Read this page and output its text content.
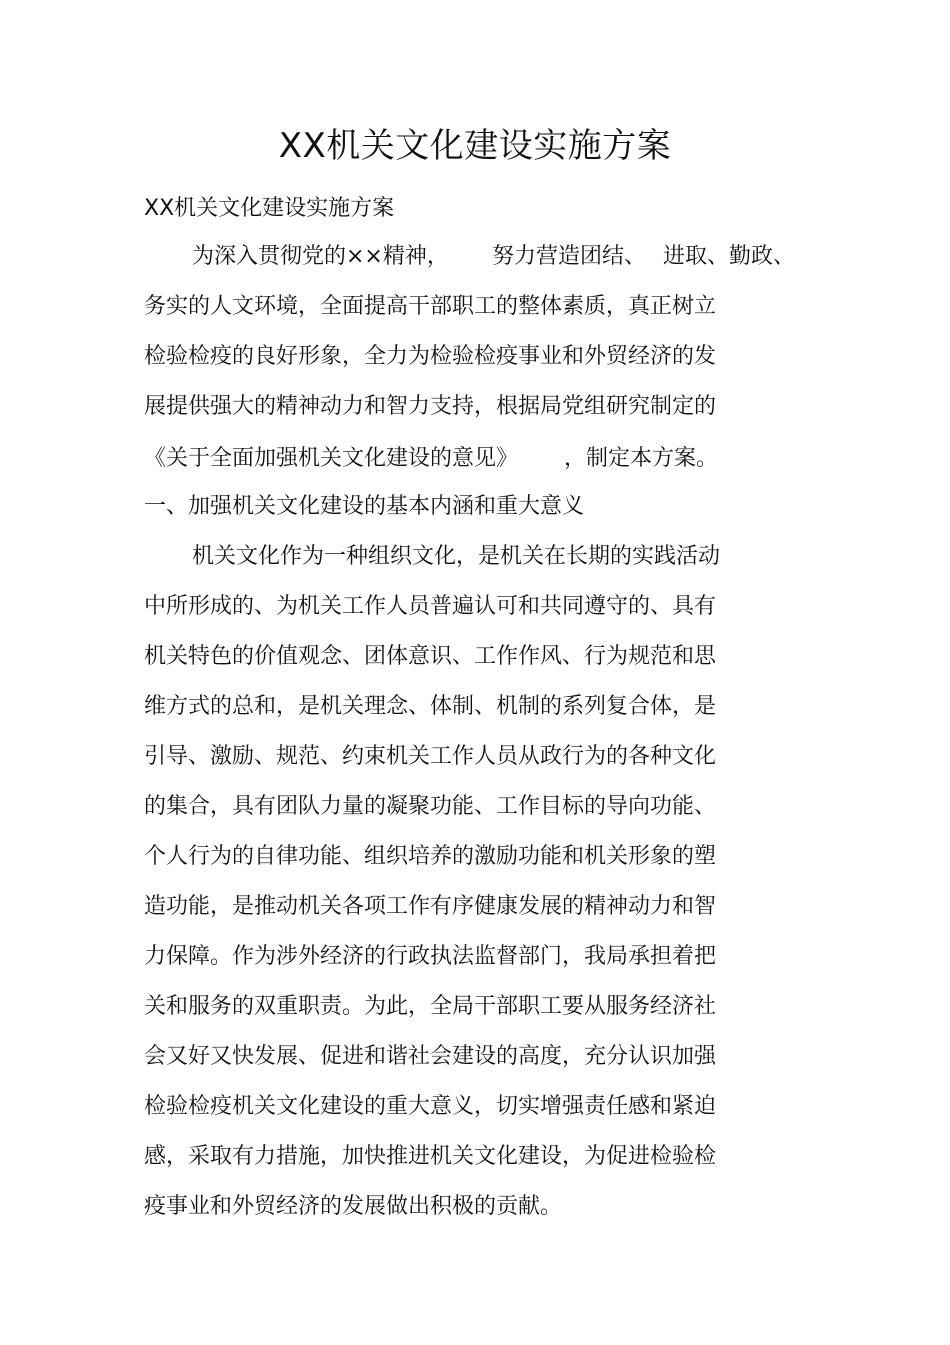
XX机关文化建设实施方案
XX机关文化建设实施方案
为深入贯彻党的××精神， 努力营造团结、 进取、勤政、
务实的人文环境，全面提高干部职工的整体素质，真正树立
检验检疫的良好形象，全力为检验检疫事业和外贸经济的发
展提供强大的精神动力和智力支持，根据局党组研究制定的
《关于全面加强机关文化建设的意见》 ，制定本方案。
一、加强机关文化建设的基本内涵和重大意义
机关文化作为一种组织文化，是机关在长期的实践活动
中所形成的、为机关工作人员普遍认可和共同遵守的、具有
机关特色的价值观念、团体意识、工作作风、行为规范和思
维方式的总和，是机关理念、体制、机制的系列复合体，是
引导、激励、规范、约束机关工作人员从政行为的各种文化
的集合，具有团队力量的凝聚功能、工作目标的导向功能、
个人行为的自律功能、组织培养的激励功能和机关形象的塑
造功能，是推动机关各项工作有序健康发展的精神动力和智
力保障。作为涉外经济的行政执法监督部门，我局承担着把
关和服务的双重职责。为此，全局干部职工要从服务经济社
会又好又快发展、促进和谐社会建设的高度，充分认识加强
检验检疫机关文化建设的重大意义，切实增强责任感和紧迫
感，采取有力措施，加快推进机关文化建设，为促进检验检
疫事业和外贸经济的发展做出积极的贡献。
